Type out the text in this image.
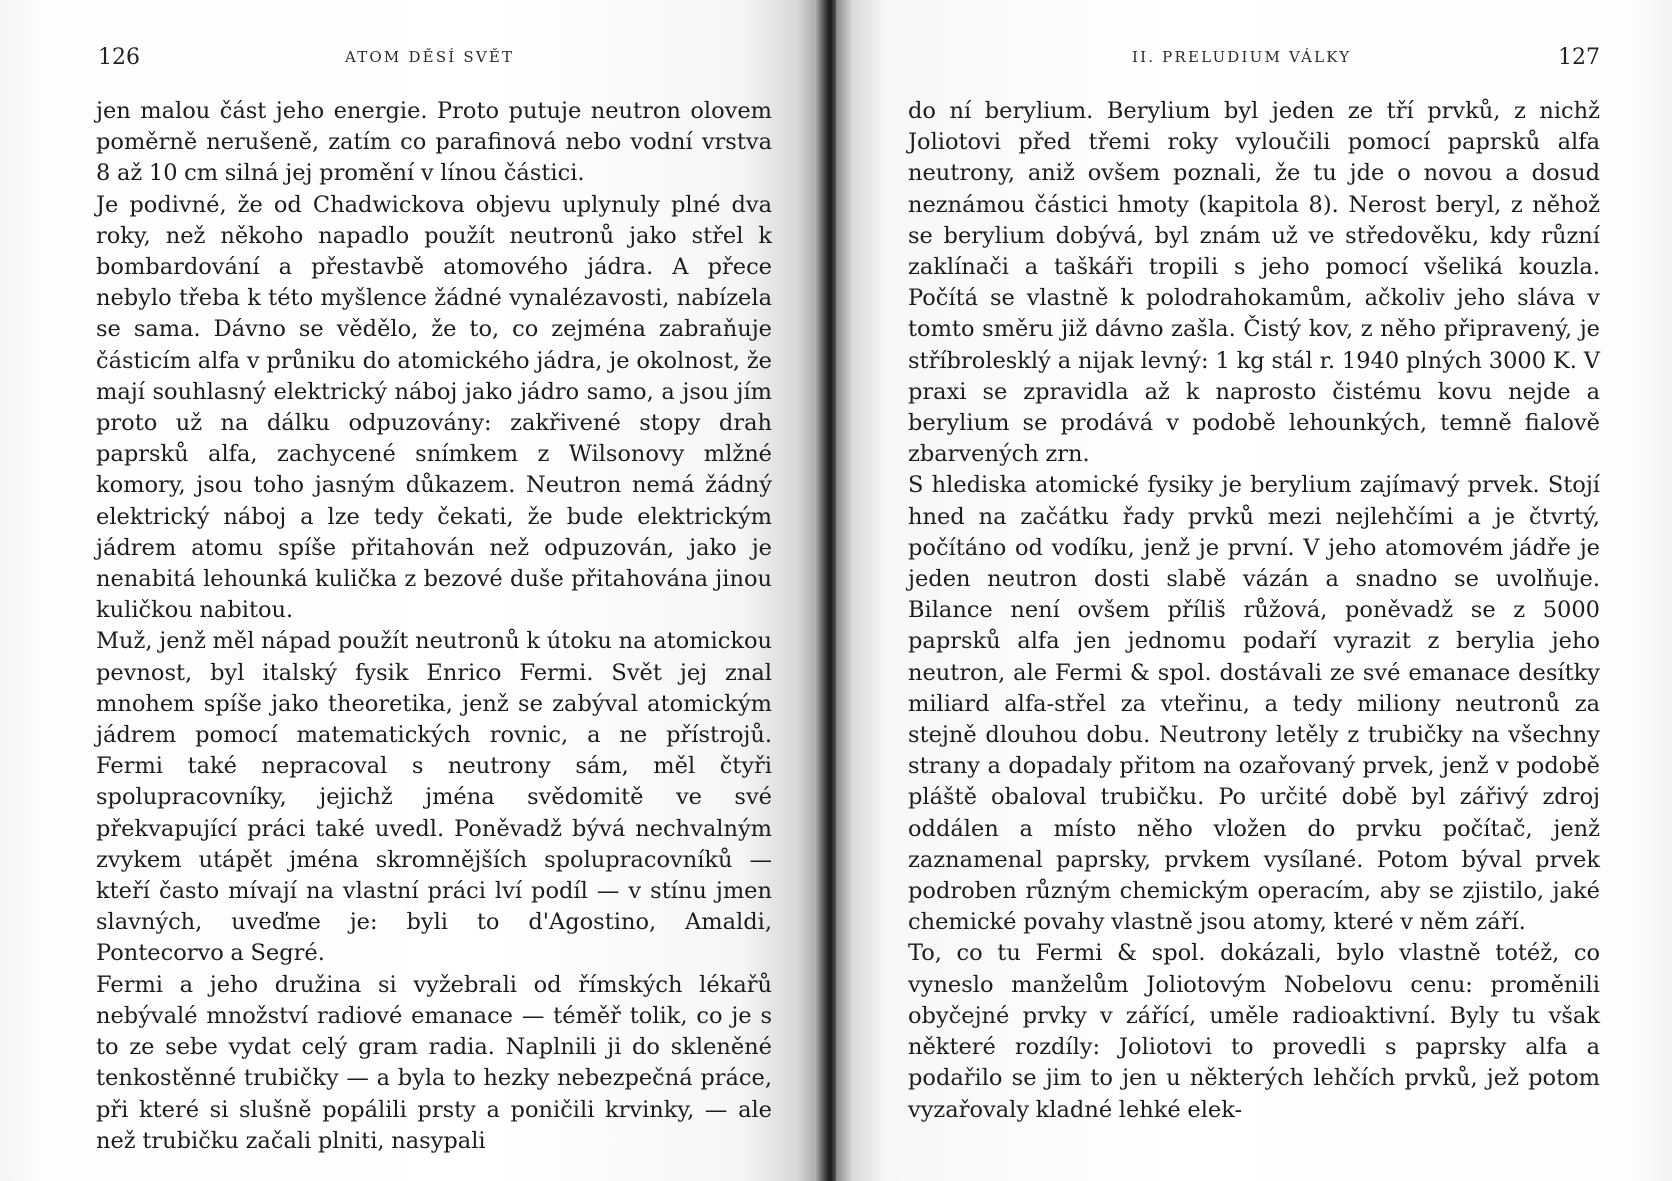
126	ATOM DĚSÍ SVĚT

jen malou část jeho energie. Proto putuje neutron olovem poměrně nerušeně, zatím co parafinová nebo vodní vrstva 8 až 10 cm silná jej promění v línou částici.

Je podivné, že od Chadwickova objevu uplynuly plné dva roky, než někoho napadlo použít neutronů jako střel k bombardování a přestavbě atomového jádra. A přece nebylo třeba k této myšlence žádné vynalézavosti, nabízela se sama. Dávno se vědělo, že to, co zejména zabraňuje částicím alfa v průniku do atomického jádra, je okolnost, že mají souhlasný elektrický náboj jako jádro samo, a jsou jím proto už na dálku odpuzovány: zakřivené stopy drah paprsků alfa, zachycené snímkem z Wilsonovy mlžné komory, jsou toho jasným důkazem. Neutron nemá žádný elektrický náboj a lze tedy čekati, že bude elektrickým jádrem atomu spíše přitahován než odpuzován, jako je nenabitá lehounká kulička z bezové duše přitahována jinou kuličkou nabitou.

Muž, jenž měl nápad použít neutronů k útoku na atomickou pevnost, byl italský fysik Enrico Fermi. Svět jej znal mnohem spíše jako theoretika, jenž se zabýval atomickým jádrem pomocí matematických rovnic, a ne přístrojů. Fermi také nepracoval s neutrony sám, měl čtyři spolupracovníky, jejichž jména svědomitě ve své překvapující práci také uvedl. Poněvadž bývá nechvalným zvykem utápět jména skromnějších spolupracovníků — kteří často mívají na vlastní práci lví podíl — v stínu jmen slavných, uveďme je: byli to d'Agostino, Amaldi, Pontecorvo a Segré.

Fermi a jeho družina si vyžebrali od římských lékařů nebývalé množství radiové emanace — téměř tolik, co je s to ze sebe vydat celý gram radia. Naplnili ji do skleněné tenkostěnné trubičky — a byla to hezky nebezpečná práce, při které si slušně popálili prsty a poničili krvinky, — ale než trubičku začali plniti, nasypali

II. PRELUDIUM VÁLKY	127

do ní berylium. Berylium byl jeden ze tří prvků, z nichž Joliotovi před třemi roky vyloučili pomocí paprsků alfa neutrony, aniž ovšem poznali, že tu jde o novou a dosud neznámou částici hmoty (kapitola 8). Nerost beryl, z něhož se berylium dobývá, byl znám už ve středověku, kdy různí zaklínači a taškáři tropili s jeho pomocí všeliká kouzla. Počítá se vlastně k polodrahokamům, ačkoliv jeho sláva v tomto směru již dávno zašla. Čistý kov, z něho připravený, je stříbrolesklý a nijak levný: 1 kg stál r. 1940 plných 3000 K. V praxi se zpravidla až k naprosto čistému kovu nejde a berylium se prodává v podobě lehounkých, temně fialově zbarvených zrn.

S hlediska atomické fysiky je berylium zajímavý prvek. Stojí hned na začátku řady prvků mezi nejlehčími a je čtvrtý, počítáno od vodíku, jenž je první. V jeho atomovém jádře je jeden neutron dosti slabě vázán a snadno se uvolňuje. Bilance není ovšem příliš růžová, poněvadž se z 5000 paprsků alfa jen jednomu podaří vyrazit z berylia jeho neutron, ale Fermi & spol. dostávali ze své emanace desítky miliard alfa-střel za vteřinu, a tedy miliony neutronů za stejně dlouhou dobu. Neutrony letěly z trubičky na všechny strany a dopadaly přitom na ozařovaný prvek, jenž v podobě pláště obaloval trubičku. Po určité době byl zářivý zdroj oddálen a místo něho vložen do prvku počítač, jenž zaznamenal paprsky, prvkem vysílané. Potom býval prvek podroben různým chemickým operacím, aby se zjistilo, jaké chemické povahy vlastně jsou atomy, které v něm září.

To, co tu Fermi & spol. dokázali, bylo vlastně totéž, co vyneslo manželům Joliotovým Nobelovu cenu: proměnili obyčejné prvky v zářící, uměle radioaktivní. Byly tu však některé rozdíly: Joliotovi to provedli s paprsky alfa a podařilo se jim to jen u některých lehčích prvků, jež potom vyzařovaly kladné lehké elek-
